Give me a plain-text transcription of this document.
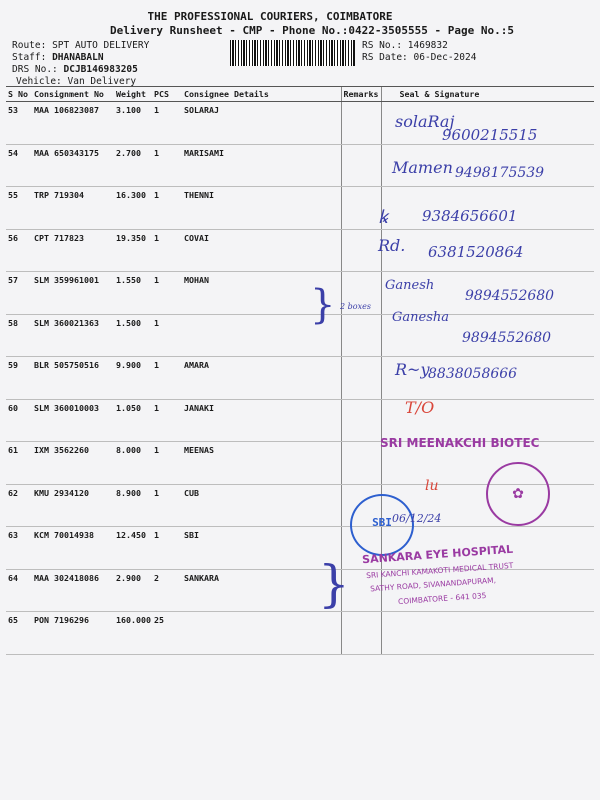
THE PROFESSIONAL COURIERS, COIMBATORE
Delivery Runsheet - CMP - Phone No.:0422-3505555 - Page No.:5
Route: SPT AUTO DELIVERY
Staff: DHANABALN
DRS No.: DCJB146983205
Vehicle: Van Delivery
RS No.: 1469832
RS Date: 06-Dec-2024
S No	Consignment No	Weight	PCS	Consignee Details	Remarks	Seal & Signature
53	MAA 106823087	3.100	1	SOLARAJ		
54	MAA 650343175	2.700	1	MARISAMI		
55	TRP 719304	16.300	1	THENNI		
56	CPT 717823	19.350	1	COVAI		
57	SLM 359961001	1.550	1	MOHAN		
58	SLM 360021363	1.500	1			
59	BLR 505750516	9.900	1	AMARA		
60	SLM 360010003	1.050	1	JANAKI		
61	IXM 3562260	8.000	1	MEENAS		
62	KMU 2934120	8.900	1	CUB		
63	KCM 70014938	12.450	1	SBI		
64	MAA 302418086	2.900	2	SANKARA		
65	PON 7196296	160.000	25			
solaRaj
9600215515
Mamen 9498175539
ꝃ 9384656601
Rd. 6381520864
Ganesh
9894552680
Ganesha
9894552680
} 2 boxes
R~y
8838058666
T/O
SRI MEENAKCHI BIOTEC
SBI 06/12/24
lu	✿
SANKARA EYE HOSPITAL
SRI KANCHI KAMAKOTI MEDICAL TRUST
SATHY ROAD, SIVANANDAPURAM,
COIMBATORE - 641 035
}
